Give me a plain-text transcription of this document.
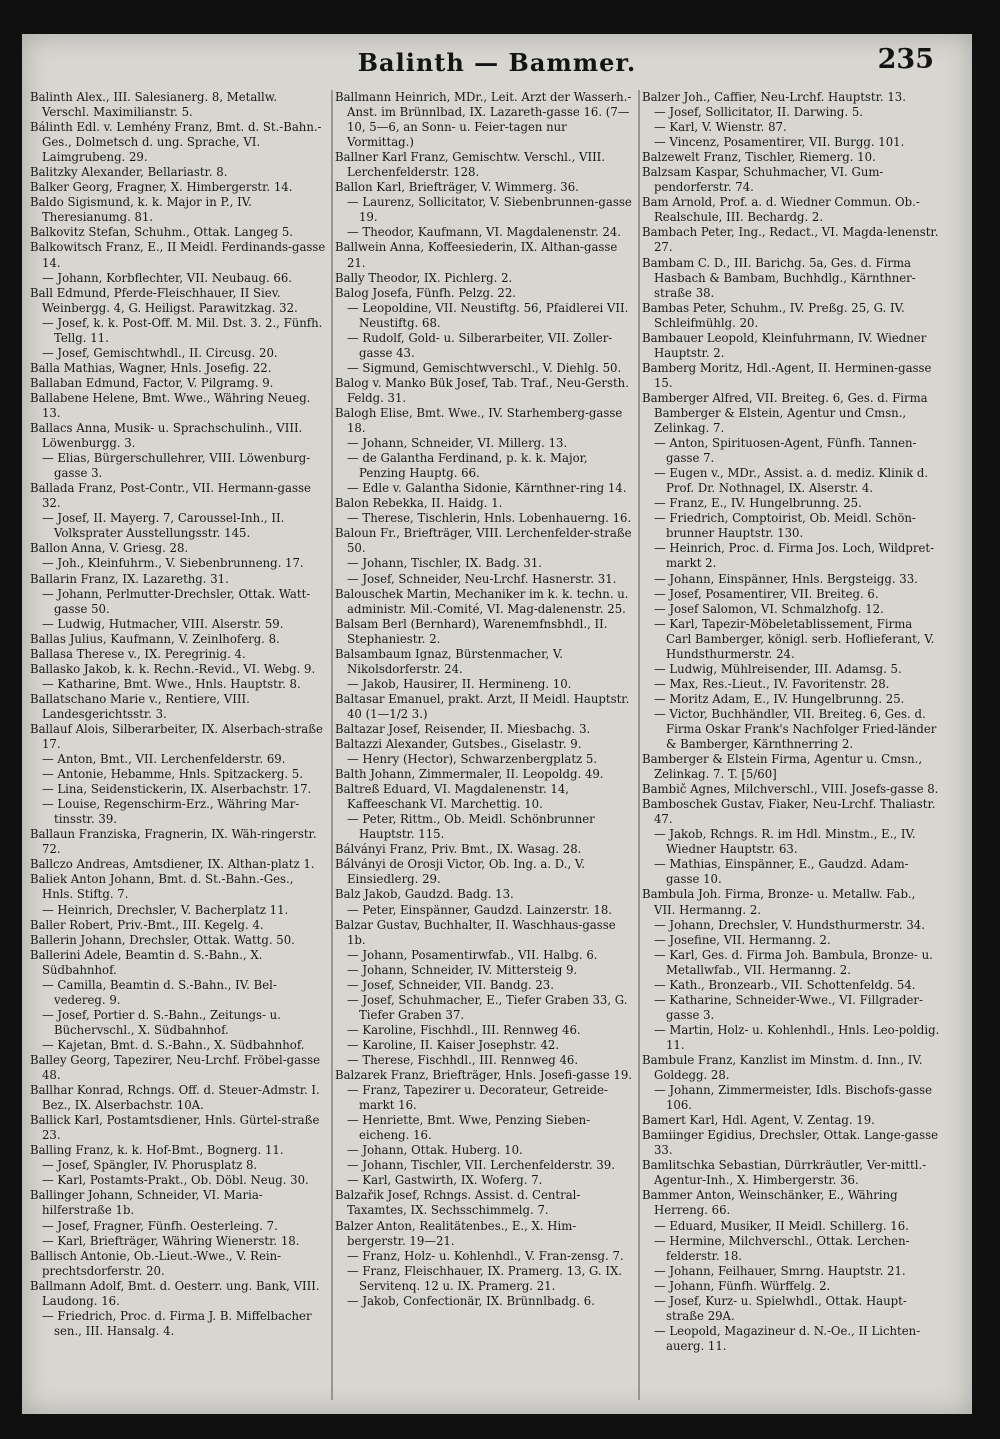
Balinth — Bammer.	235
Balinth Alex., III. Salesianerg. 8, Metallw. Verschl. Maximilianstr. 5.
Bálinth Edl. v. Lemhény Franz, Bmt. d. St.-Bahn.-Ges., Dolmetsch d. ung. Sprache, VI. Laimgrubeng. 29.
Balitzky Alexander, Bellariastr. 8.
Balker Georg, Fragner, X. Himbergerstr. 14.
Baldo Sigismund, k. k. Major in P., IV. Theresianumg. 81.
Balkovitz Stefan, Schuhm., Ottak. Langeg 5.
Balkowitsch Franz, E., II Meidl. Ferdinands-gasse 14.
— Johann, Korbflechter, VII. Neubaug. 66.
Ball Edmund, Pferde-Fleischhauer, II Siev. Weinbergg. 4, G. Heiligst. Parawitzkag. 32.
— Josef, k. k. Post-Off. M. Mil. Dst. 3. 2., Fünfh. Tellg. 11.
— Josef, Gemischtwhdl., II. Circusg. 20.
Balla Mathias, Wagner, Hnls. Josefig. 22.
Ballaban Edmund, Factor, V. Pilgramg. 9.
Ballabene Helene, Bmt. Wwe., Währing Neueg. 13.
Ballacs Anna, Musik- u. Sprachschulinh., VIII. Löwenburgg. 3.
— Elias, Bürgerschullehrer, VIII. Löwenburg-gasse 3.
Ballada Franz, Post-Contr., VII. Hermann-gasse 32.
— Josef, II. Mayerg. 7, Caroussel-Inh., II. Volksprater Ausstellungsstr. 145.
Ballon Anna, V. Griesg. 28.
— Joh., Kleinfuhrm., V. Siebenbrunneng. 17.
Ballarin Franz, IX. Lazarethg. 31.
— Johann, Perlmutter-Drechsler, Ottak. Watt-gasse 50.
— Ludwig, Hutmacher, VIII. Alserstr. 59.
Ballas Julius, Kaufmann, V. Zeinlhoferg. 8.
Ballasa Therese v., IX. Peregrinig. 4.
Ballasko Jakob, k. k. Rechn.-Revid., VI. Webg. 9.
— Katharine, Bmt. Wwe., Hnls. Hauptstr. 8.
Ballatschano Marie v., Rentiere, VIII. Landesgerichtsstr. 3.
Ballauf Alois, Silberarbeiter, IX. Alserbach-straße 17.
— Anton, Bmt., VII. Lerchenfelderstr. 69.
— Antonie, Hebamme, Hnls. Spitzackerg. 5.
— Lina, Seidenstickerin, IX. Alserbachstr. 17.
— Louise, Regenschirm-Erz., Währing Mar-tinsstr. 39.
Ballaun Franziska, Fragnerin, IX. Wäh-ringerstr. 72.
Ballczo Andreas, Amtsdiener, IX. Althan-platz 1.
Baliek Anton Johann, Bmt. d. St.-Bahn.-Ges., Hnls. Stiftg. 7.
— Heinrich, Drechsler, V. Bacherplatz 11.
Baller Robert, Priv.-Bmt., III. Kegelg. 4.
Ballerin Johann, Drechsler, Ottak. Wattg. 50.
Ballerini Adele, Beamtin d. S.-Bahn., X. Südbahnhof.
— Camilla, Beamtin d. S.-Bahn., IV. Bel-vedereg. 9.
— Josef, Portier d. S.-Bahn., Zeitungs- u. Büchervschl., X. Südbahnhof.
— Kajetan, Bmt. d. S.-Bahn., X. Südbahnhof.
Balley Georg, Tapezirer, Neu-Lrchf. Fröbel-gasse 48.
Ballhar Konrad, Rchngs. Off. d. Steuer-Admstr. I. Bez., IX. Alserbachstr. 10A.
Ballick Karl, Postamtsdiener, Hnls. Gürtel-straße 23.
Balling Franz, k. k. Hof-Bmt., Bognerg. 11.
— Josef, Spängler, IV. Phorusplatz 8.
— Karl, Postamts-Prakt., Ob. Döbl. Neug. 30.
Ballinger Johann, Schneider, VI. Maria-hilferstraße 1b.
— Josef, Fragner, Fünfh. Oesterleing. 7.
— Karl, Briefträger, Währing Wienerstr. 18.
Ballisch Antonie, Ob.-Lieut.-Wwe., V. Rein-prechtsdorferstr. 20.
Ballmann Adolf, Bmt. d. Oesterr. ung. Bank, VIII. Laudong. 16.
— Friedrich, Proc. d. Firma J. B. Miffelbacher sen., III. Hansalg. 4.
Ballmann Heinrich, MDr., Leit. Arzt der Wasserh.-Anst. im Brünnlbad, IX. Lazareth-gasse 16. (7—10, 5—6, an Sonn- u. Feier-tagen nur Vormittag.)
Ballner Karl Franz, Gemischtw. Verschl., VIII. Lerchenfelderstr. 128.
Ballon Karl, Briefträger, V. Wimmerg. 36.
— Laurenz, Sollicitator, V. Siebenbrunnen-gasse 19.
— Theodor, Kaufmann, VI. Magdalenenstr. 24.
Ballwein Anna, Koffeesiederin, IX. Althan-gasse 21.
Bally Theodor, IX. Pichlerg. 2.
Balog Josefa, Fünfh. Pelzg. 22.
— Leopoldine, VII. Neustiftg. 56, Pfaidlerei VII. Neustiftg. 68.
— Rudolf, Gold- u. Silberarbeiter, VII. Zoller-gasse 43.
— Sigmund, Gemischtwverschl., V. Diehlg. 50.
Balog v. Manko Bük Josef, Tab. Traf., Neu-Gersth. Feldg. 31.
Balogh Elise, Bmt. Wwe., IV. Starhemberg-gasse 18.
— Johann, Schneider, VI. Millerg. 13.
— de Galantha Ferdinand, p. k. k. Major, Penzing Hauptg. 66.
— Edle v. Galantha Sidonie, Kärnthner-ring 14.
Balon Rebekka, II. Haidg. 1.
— Therese, Tischlerin, Hnls. Lobenhauerng. 16.
Baloun Fr., Briefträger, VIII. Lerchenfelder-straße 50.
— Johann, Tischler, IX. Badg. 31.
— Josef, Schneider, Neu-Lrchf. Hasnerstr. 31.
Balouschek Martin, Mechaniker im k. k. techn. u. administr. Mil.-Comité, VI. Mag-dalenenstr. 25.
Balsam Berl (Bernhard), Warenemfnsbhdl., II. Stephaniestr. 2.
Balsambaum Ignaz, Bürstenmacher, V. Nikolsdorferstr. 24.
— Jakob, Hausirer, II. Hermineng. 10.
Baltasar Emanuel, prakt. Arzt, II Meidl. Hauptstr. 40 (1—1/2 3.)
Baltazar Josef, Reisender, II. Miesbachg. 3.
Baltazzi Alexander, Gutsbes., Giselastr. 9.
— Henry (Hector), Schwarzenbergplatz 5.
Balth Johann, Zimmermaler, II. Leopoldg. 49.
Baltreß Eduard, VI. Magdalenenstr. 14, Kaffeeschank VI. Marchettig. 10.
— Peter, Rittm., Ob. Meidl. Schönbrunner Hauptstr. 115.
Bálványi Franz, Priv. Bmt., IX. Wasag. 28.
Bálványi de Orosji Victor, Ob. Ing. a. D., V. Einsiedlerg. 29.
Balz Jakob, Gaudzd. Badg. 13.
— Peter, Einspänner, Gaudzd. Lainzerstr. 18.
Balzar Gustav, Buchhalter, II. Waschhaus-gasse 1b.
— Johann, Posamentirwfab., VII. Halbg. 6.
— Johann, Schneider, IV. Mittersteig 9.
— Josef, Schneider, VII. Bandg. 23.
— Josef, Schuhmacher, E., Tiefer Graben 33, G. Tiefer Graben 37.
— Karoline, Fischhdl., III. Rennweg 46.
— Karoline, II. Kaiser Josephstr. 42.
— Therese, Fischhdl., III. Rennweg 46.
Balzarek Franz, Briefträger, Hnls. Josefi-gasse 19.
— Franz, Tapezirer u. Decorateur, Getreide-markt 16.
— Henriette, Bmt. Wwe, Penzing Sieben-eicheng. 16.
— Johann, Ottak. Huberg. 10.
— Johann, Tischler, VII. Lerchenfelderstr. 39.
— Karl, Gastwirth, IX. Woferg. 7.
Balzařik Josef, Rchngs. Assist. d. Central-Taxamtes, IX. Sechsschimmelg. 7.
Balzer Anton, Realitätenbes., E., X. Him-bergerstr. 19—21.
— Franz, Holz- u. Kohlenhdl., V. Fran-zensg. 7.
— Franz, Fleischhauer, IX. Pramerg. 13, G. IX. Servitenq. 12 u. IX. Pramerg. 21.
— Jakob, Confectionär, IX. Brünnlbadg. 6.
Balzer Joh., Caffier, Neu-Lrchf. Hauptstr. 13.
— Josef, Sollicitator, II. Darwing. 5.
— Karl, V. Wienstr. 87.
— Vincenz, Posamentirer, VII. Burgg. 101.
Balzewelt Franz, Tischler, Riemerg. 10.
Balzsam Kaspar, Schuhmacher, VI. Gum-pendorferstr. 74.
Bam Arnold, Prof. a. d. Wiedner Commun. Ob.-Realschule, III. Bechardg. 2.
Bambach Peter, Ing., Redact., VI. Magda-lenenstr. 27.
Bambam C. D., III. Barichg. 5a, Ges. d. Firma Hasbach & Bambam, Buchhdlg., Kärnthner-straße 38.
Bambas Peter, Schuhm., IV. Preßg. 25, G. IV. Schleifmühlg. 20.
Bambauer Leopold, Kleinfuhrmann, IV. Wiedner Hauptstr. 2.
Bamberg Moritz, Hdl.-Agent, II. Herminen-gasse 15.
Bamberger Alfred, VII. Breiteg. 6, Ges. d. Firma Bamberger & Elstein, Agentur und Cmsn., Zelinkag. 7.
— Anton, Spirituosen-Agent, Fünfh. Tannen-gasse 7.
— Eugen v., MDr., Assist. a. d. mediz. Klinik d. Prof. Dr. Nothnagel, IX. Alserstr. 4.
— Franz, E., IV. Hungelbrunng. 25.
— Friedrich, Comptoirist, Ob. Meidl. Schön-brunner Hauptstr. 130.
— Heinrich, Proc. d. Firma Jos. Loch, Wildpret-markt 2.
— Johann, Einspänner, Hnls. Bergsteigg. 33.
— Josef, Posamentirer, VII. Breiteg. 6.
— Josef Salomon, VI. Schmalzhofg. 12.
— Karl, Tapezir-Möbeletablissement, Firma Carl Bamberger, königl. serb. Hoflieferant, V. Hundsthurmerstr. 24.
— Ludwig, Mühlreisender, III. Adamsg. 5.
— Max, Res.-Lieut., IV. Favoritenstr. 28.
— Moritz Adam, E., IV. Hungelbrunng. 25.
— Victor, Buchhändler, VII. Breiteg. 6, Ges. d. Firma Oskar Frank's Nachfolger Fried-länder & Bamberger, Kärnthnerring 2.
Bamberger & Elstein Firma, Agentur u. Cmsn., Zelinkag. 7. T. [5/60]
Bambič Agnes, Milchverschl., VIII. Josefs-gasse 8.
Bamboschek Gustav, Fiaker, Neu-Lrchf. Thaliastr. 47.
— Jakob, Rchngs. R. im Hdl. Minstm., E., IV. Wiedner Hauptstr. 63.
— Mathias, Einspänner, E., Gaudzd. Adam-gasse 10.
Bambula Joh. Firma, Bronze- u. Metallw. Fab., VII. Hermanng. 2.
— Johann, Drechsler, V. Hundsthurmerstr. 34.
— Josefine, VII. Hermanng. 2.
— Karl, Ges. d. Firma Joh. Bambula, Bronze- u. Metallwfab., VII. Hermanng. 2.
— Kath., Bronzearb., VII. Schottenfeldg. 54.
— Katharine, Schneider-Wwe., VI. Fillgrader-gasse 3.
— Martin, Holz- u. Kohlenhdl., Hnls. Leo-poldig. 11.
Bambule Franz, Kanzlist im Minstm. d. Inn., IV. Goldegg. 28.
— Johann, Zimmermeister, Idls. Bischofs-gasse 106.
Bamert Karl, Hdl. Agent, V. Zentag. 19.
Bamiinger Egidius, Drechsler, Ottak. Lange-gasse 33.
Bamlitschka Sebastian, Dürrkräutler, Ver-mittl.-Agentur-Inh., X. Himbergerstr. 36.
Bammer Anton, Weinschänker, E., Währing Herreng. 66.
— Eduard, Musiker, II Meidl. Schillerg. 16.
— Hermine, Milchverschl., Ottak. Lerchen-felderstr. 18.
— Johann, Feilhauer, Smrng. Hauptstr. 21.
— Johann, Fünfh. Würffelg. 2.
— Josef, Kurz- u. Spielwhdl., Ottak. Haupt-straße 29A.
— Leopold, Magazineur d. N.-Oe., II Lichten-auerg. 11.
